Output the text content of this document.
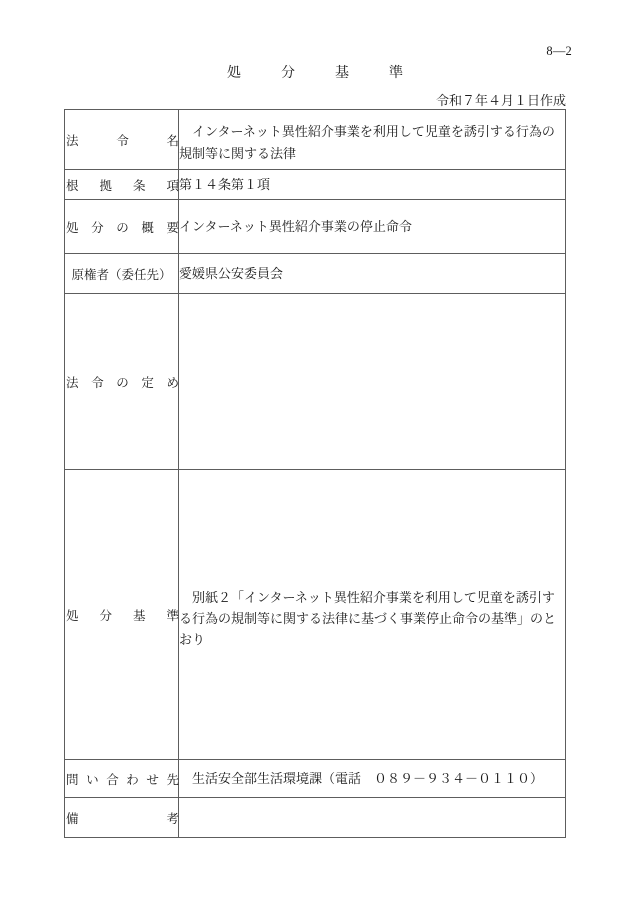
8—2
処　分　基　準
令和７年４月１日作成
法 令 名	インターネット異性紹介事業を利用して児童を誘引する行為の規制等に関する法律

根 拠 条 項	第１４条第１項

処 分 の 概 要	インターネット異性紹介事業の停止命令

原権者（委任先）	愛媛県公安委員会

法 令 の 定 め	

処 分 基 準	別紙２「インターネット異性紹介事業を利用して児童を誘引する行為の規制等に関する法律に基づく事業停止命令の基準」のとおり

問 い 合 わ せ 先	生活安全部生活環境課（電話　０８９－９３４－０１１０）

備 考	
